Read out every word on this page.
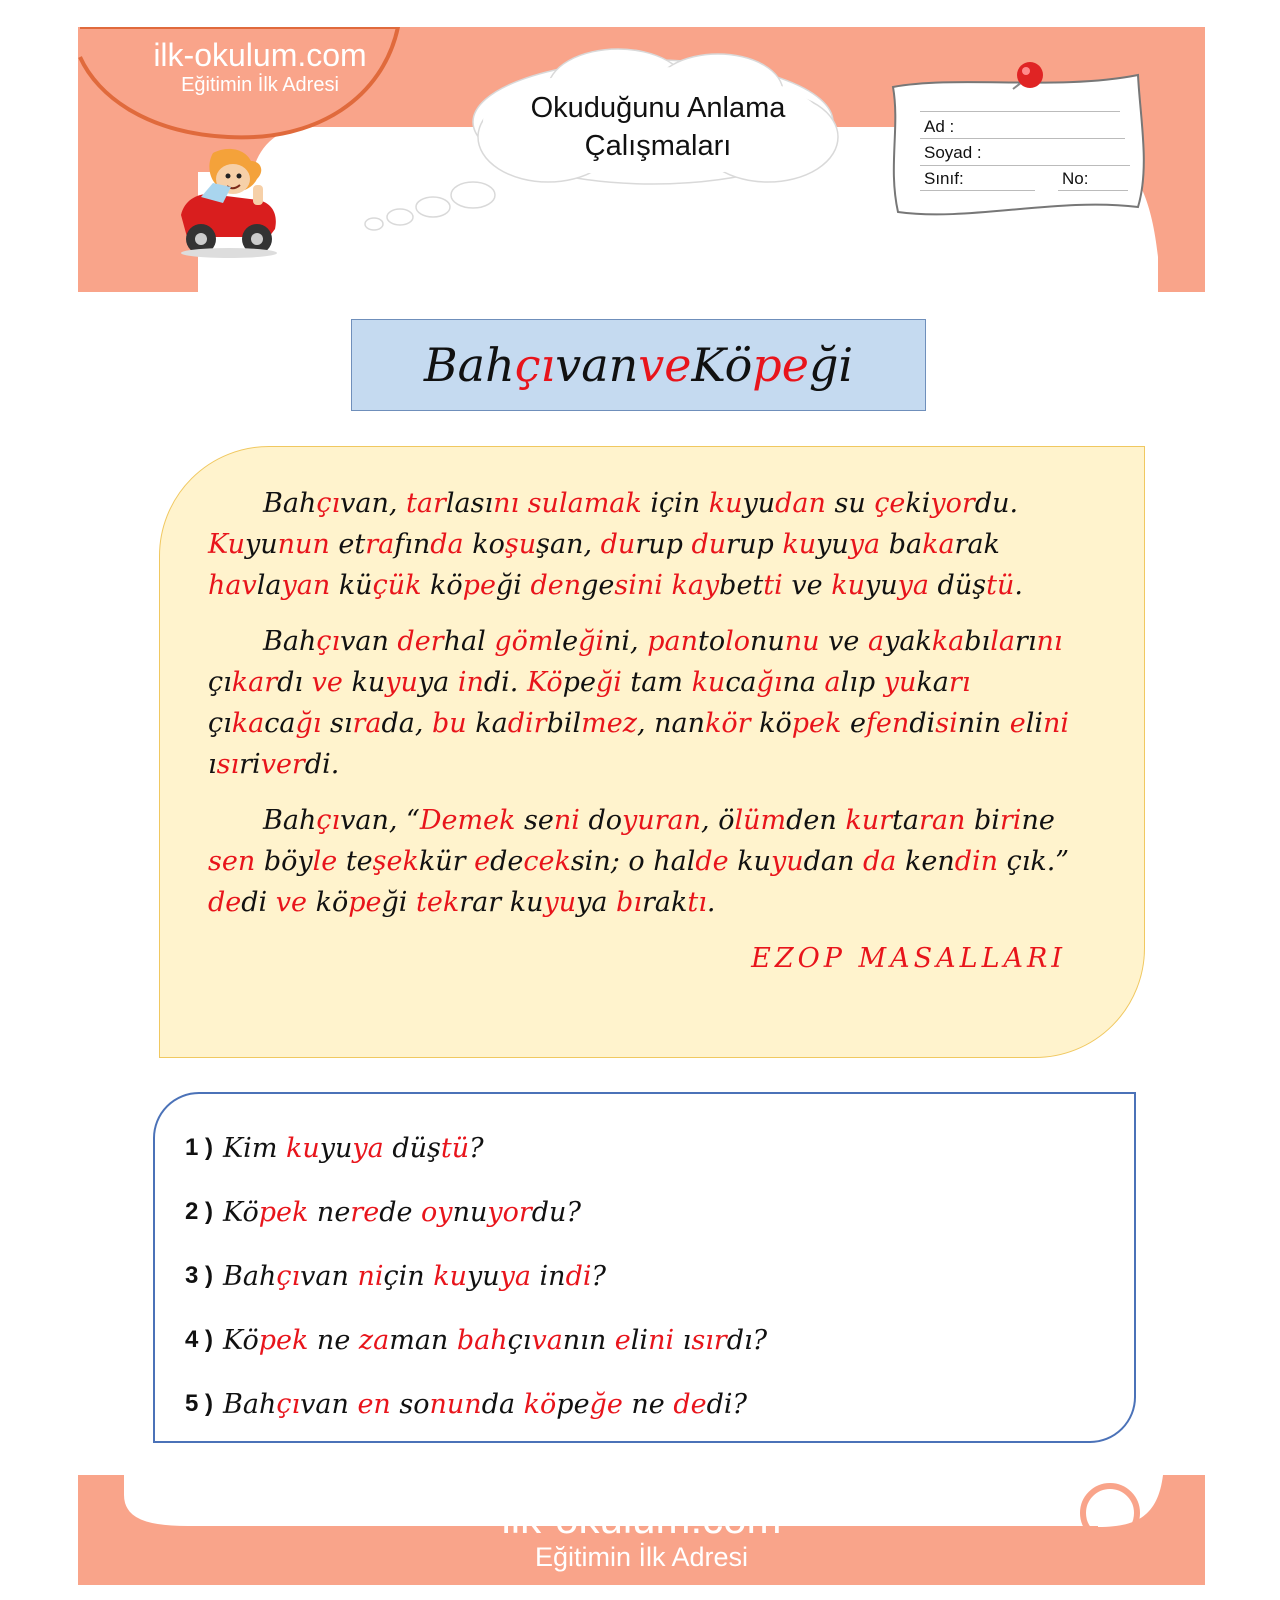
ilk-okulum.com
Eğitimin İlk Adresi
Okuduğunu Anlama
Çalışmaları
Ad :
Soyad :
Sınıf:	No:
Bah çı van ve Kö pe ği

Bahçıvan, tarlasını sulamak için kuyudan su çekiyordu. Kuyunun etrafında koşuşan, durup durup kuyuya bakarak havlayan küçük köpeği dengesini kaybetti ve kuyuya düştü.

Bahçıvan derhal gömleğini, pantolonunu ve ayakkabılarını çıkardı ve kuyuya indi. Köpeği tam kucağına alıp yukarı çıkacağı sırada, bu kadirbilmez, nankör köpek efendisinin elini ısıriverdi.

Bahçıvan, “Demek seni doyuran, ölümden kurtaran birine sen böyle teşekkür edeceksin; o halde kuyudan da kendin çık.” dedi ve köpeği tekrar kuyuya bıraktı.

EZOP MASALLARI
1 ) Kim kuyuya düştü?
2 ) Köpek nerede oynuyordu?
3 ) Bahçıvan niçin kuyuya indi?
4 ) Köpek ne zaman bahçıvanın elini ısırdı?
5 ) Bahçıvan en sonunda köpeğe ne dedi?
ilk-okulum.com
Eğitimin İlk Adresi
